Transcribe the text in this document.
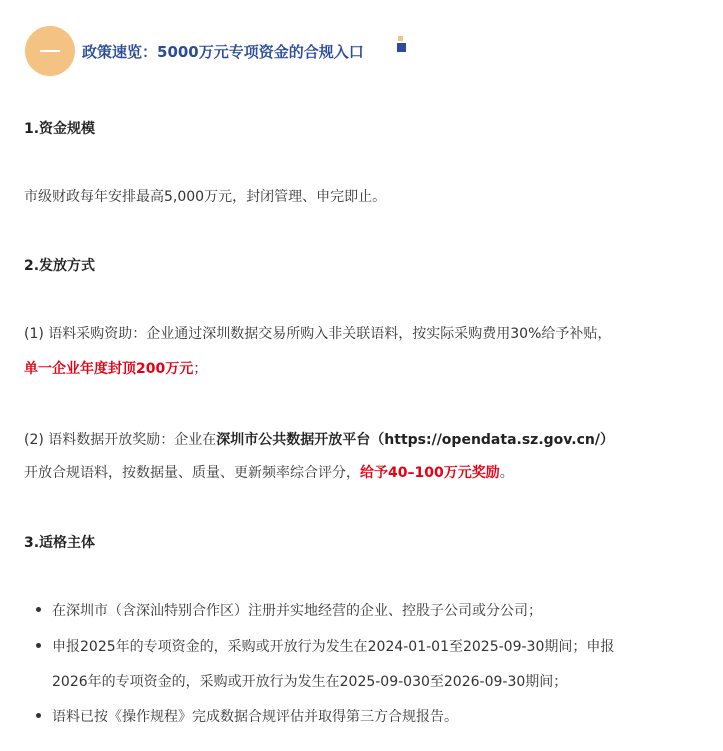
政策速览：5000万元专项资金的合规入口
1.资金规模
市级财政每年安排最高5,000万元，封闭管理、申完即止。
2.发放方式
(1) 语料采购资助：企业通过深圳数据交易所购入非关联语料，按实际采购费用30%给予补贴，
单一企业年度封顶200万元；
(2) 语料数据开放奖励：企业在深圳市公共数据开放平台（https://opendata.sz.gov.cn/）
开放合规语料，按数据量、质量、更新频率综合评分，给予40–100万元奖励。
3.适格主体
在深圳市（含深汕特别合作区）注册并实地经营的企业、控股子公司或分公司；
申报2025年的专项资金的，采购或开放行为发生在2024-01-01至2025-09-30期间；申报
2026年的专项资金的，采购或开放行为发生在2025-09-030至2026-09-30期间；
语料已按《操作规程》完成数据合规评估并取得第三方合规报告。
